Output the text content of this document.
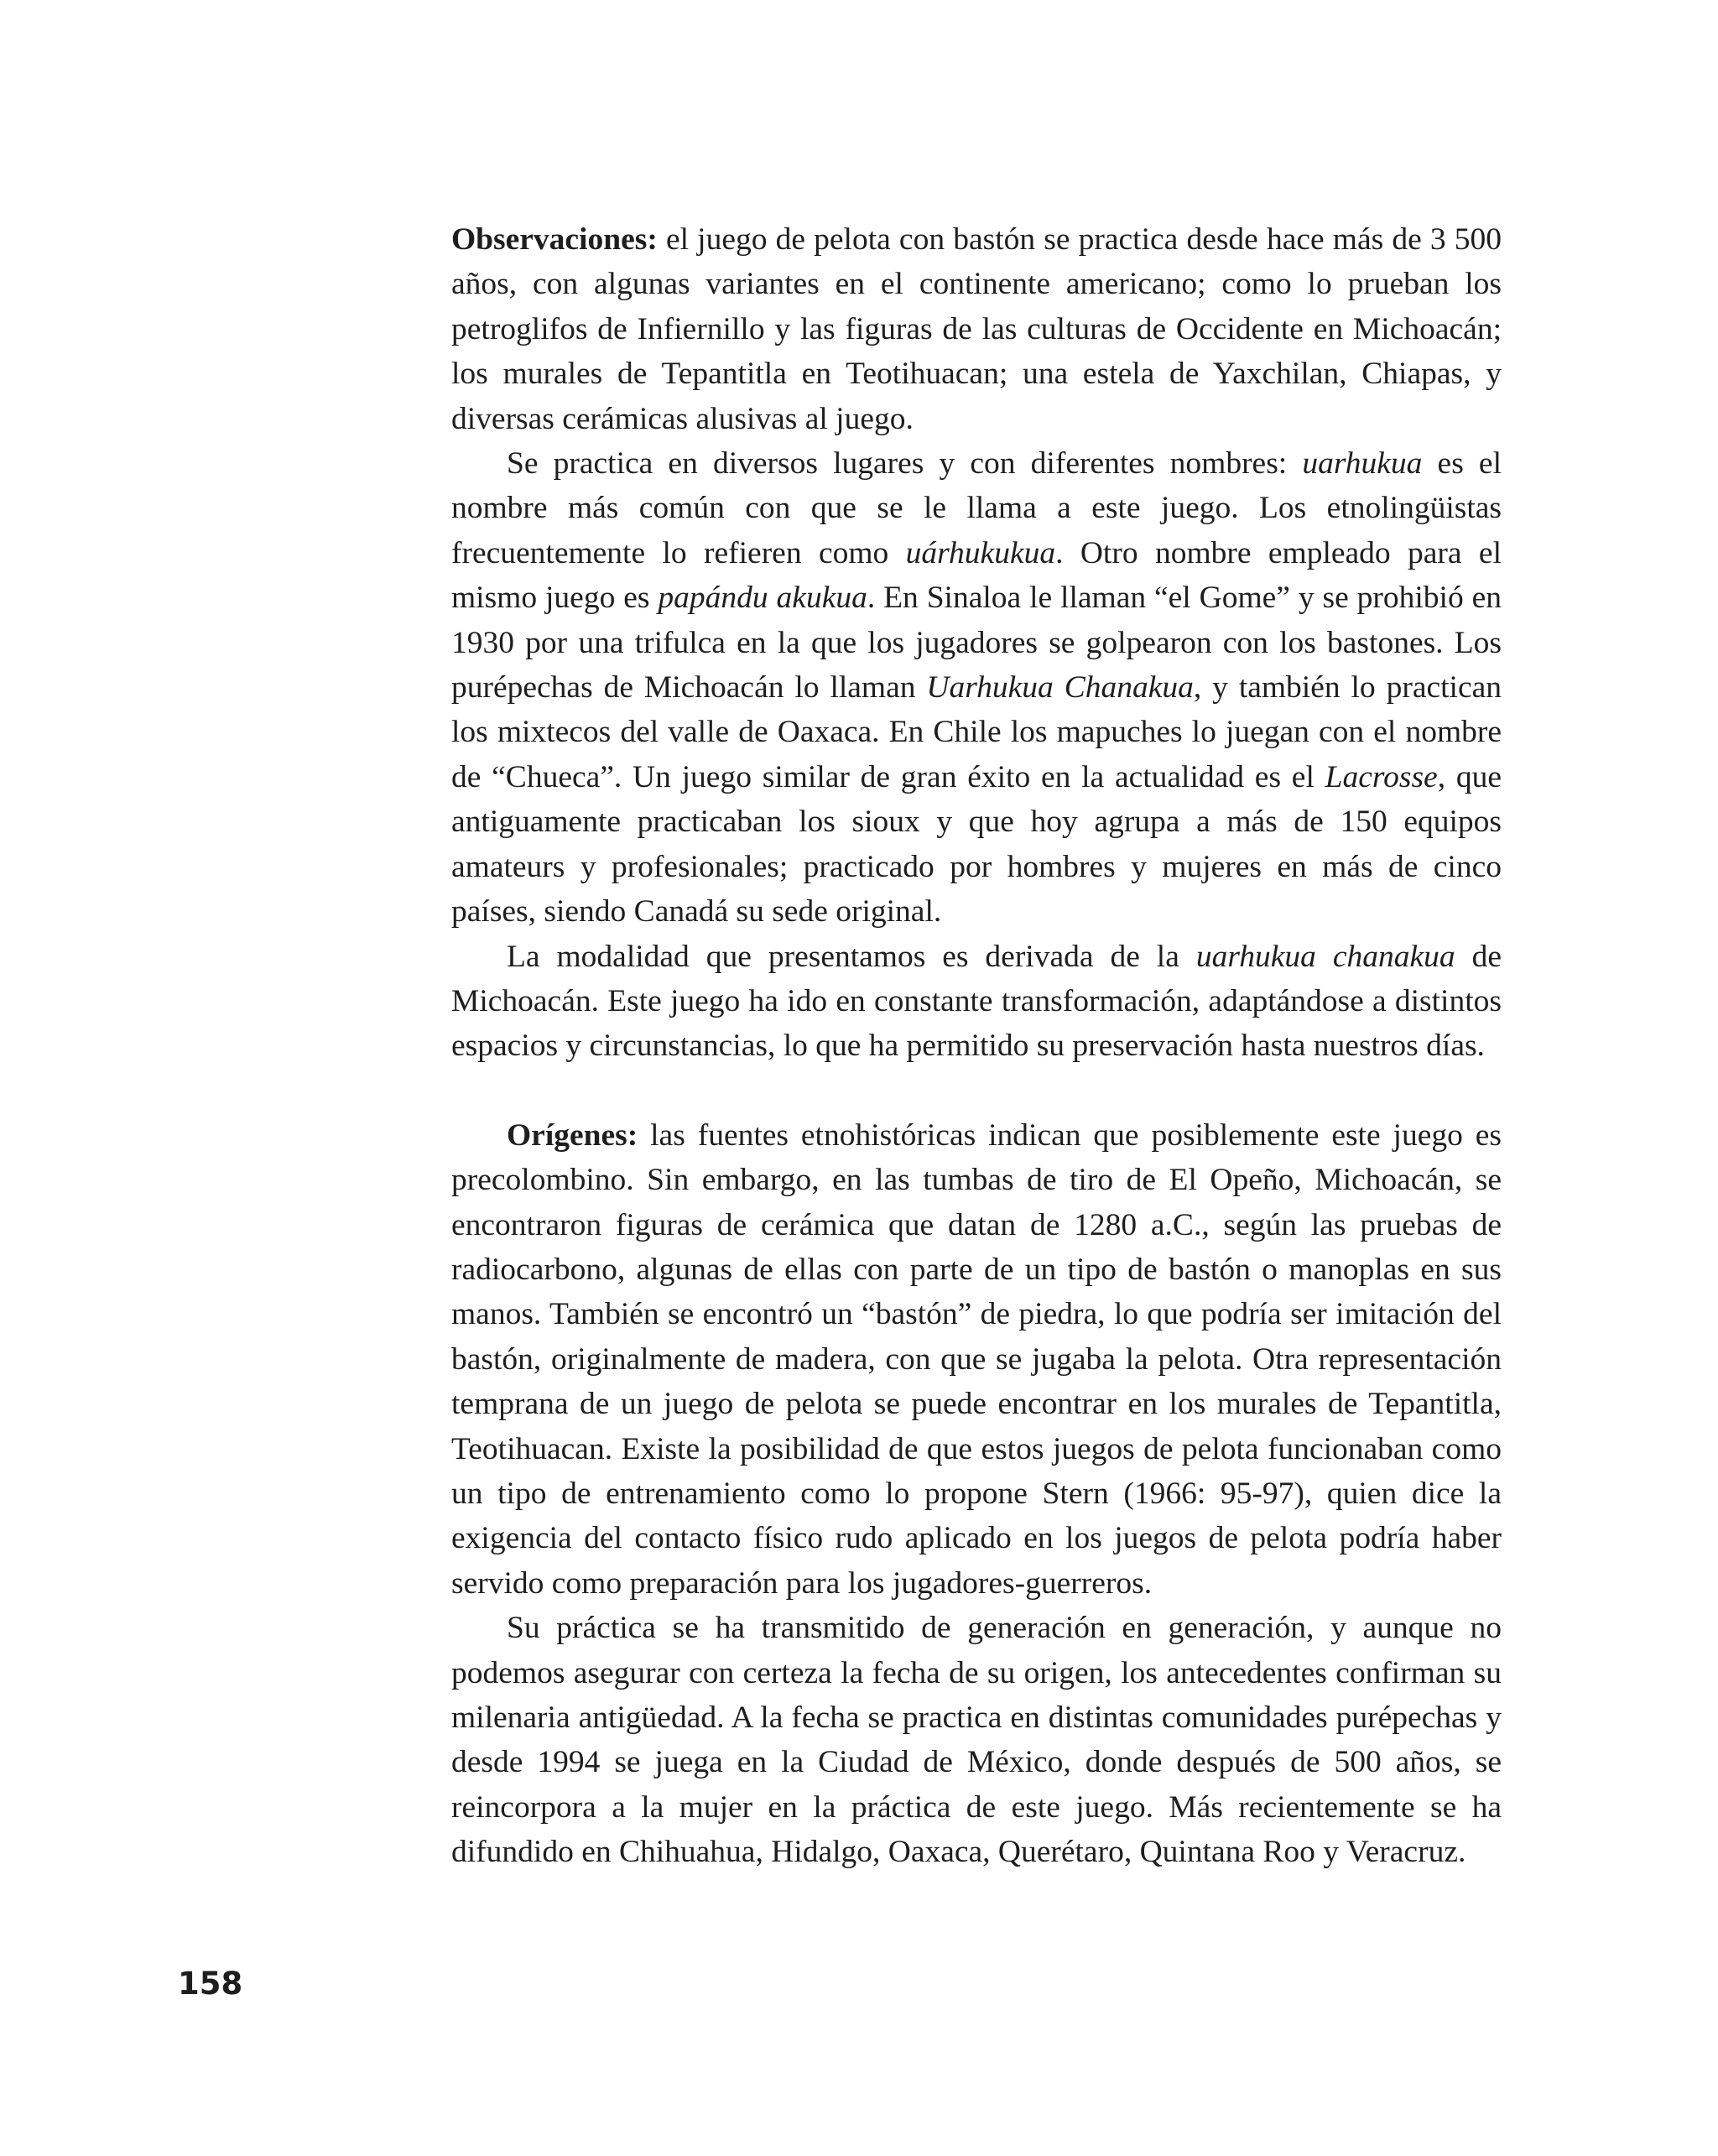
Observaciones: el juego de pelota con bastón se practica desde hace más de 3 500 años, con algunas variantes en el continente americano; como lo prueban los petroglifos de Infiernillo y las figuras de las culturas de Occidente en Michoacán; los murales de Tepantitla en Teotihuacan; una estela de Yaxchilan, Chiapas, y diversas cerámicas alusivas al juego.

Se practica en diversos lugares y con diferentes nombres: uarhukua es el nombre más común con que se le llama a este juego. Los etnolingüistas frecuentemente lo refieren como uárhukukua. Otro nombre empleado para el mismo juego es papándu akukua. En Sinaloa le llaman “el Gome” y se prohibió en 1930 por una trifulca en la que los jugadores se golpearon con los bastones. Los purépechas de Michoacán lo llaman Uarhukua Chanakua, y también lo practican los mixtecos del valle de Oaxaca. En Chile los mapuches lo juegan con el nombre de “Chueca”. Un juego similar de gran éxito en la actualidad es el Lacrosse, que antiguamente practicaban los sioux y que hoy agrupa a más de 150 equipos amateurs y profesionales; practicado por hombres y mujeres en más de cinco países, siendo Canadá su sede original.

La modalidad que presentamos es derivada de la uarhukua chanakua de Michoacán. Este juego ha ido en constante transformación, adaptándose a distintos espacios y circunstancias, lo que ha permitido su preservación hasta nuestros días.

Orígenes: las fuentes etnohistóricas indican que posiblemente este juego es precolombino. Sin embargo, en las tumbas de tiro de El Opeño, Michoacán, se encontraron figuras de cerámica que datan de 1280 a.C., según las pruebas de radiocarbono, algunas de ellas con parte de un tipo de bastón o manoplas en sus manos. También se encontró un “bastón” de piedra, lo que podría ser imitación del bastón, originalmente de madera, con que se jugaba la pelota. Otra representación temprana de un juego de pelota se puede encontrar en los murales de Tepantitla, Teotihuacan. Existe la posibilidad de que estos juegos de pelota funcionaban como un tipo de entrenamiento como lo propone Stern (1966: 95-97), quien dice la exigencia del contacto físico rudo aplicado en los juegos de pelota podría haber servido como preparación para los jugadores-guerreros.

Su práctica se ha transmitido de generación en generación, y aunque no podemos asegurar con certeza la fecha de su origen, los antecedentes confirman su milenaria antigüedad. A la fecha se practica en distintas comunidades purépechas y desde 1994 se juega en la Ciudad de México, donde después de 500 años, se reincorpora a la mujer en la práctica de este juego. Más recientemente se ha difundido en Chihuahua, Hidalgo, Oaxaca, Querétaro, Quintana Roo y Veracruz.

158
